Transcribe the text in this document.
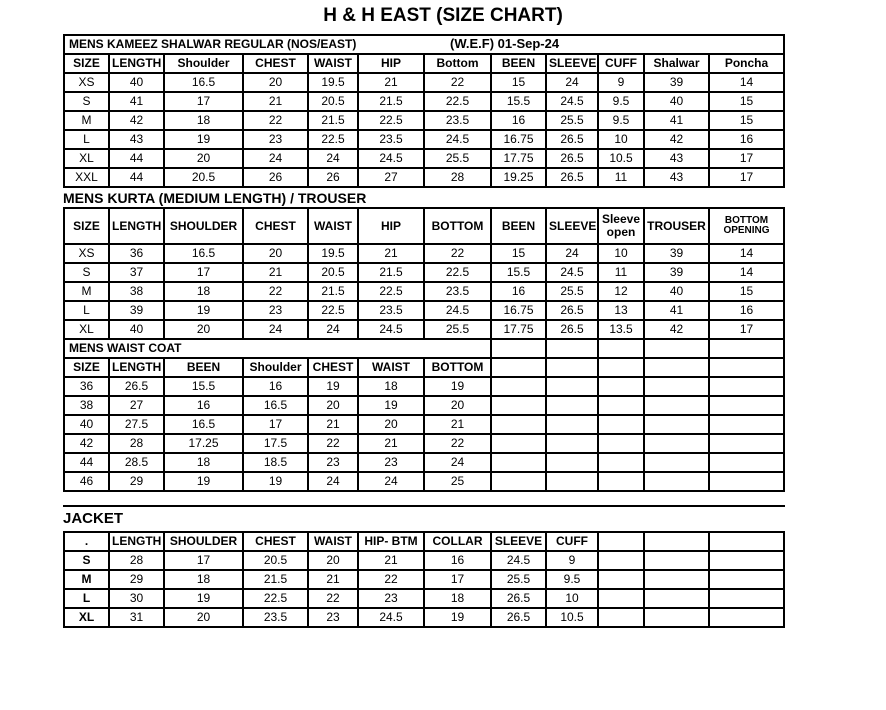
H & H EAST (SIZE CHART)
MENS KAMEEZ SHALWAR REGULAR (NOS/EAST) (W.E.F) 01-Sep-24											

SIZE	LENGTH	Shoulder	CHEST	WAIST	HIP	Bottom	BEEN	SLEEVE	CUFF	Shalwar	Poncha
XS	40	16.5	20	19.5	21	22	15	24	9	39	14
S	41	17	21	20.5	21.5	22.5	15.5	24.5	9.5	40	15
M	42	18	22	21.5	22.5	23.5	16	25.5	9.5	41	15
L	43	19	23	22.5	23.5	24.5	16.75	26.5	10	42	16
XL	44	20	24	24	24.5	25.5	17.75	26.5	10.5	43	17
XXL	44	20.5	26	26	27	28	19.25	26.5	11	43	17
MENS KURTA (MEDIUM LENGTH) / TROUSER
SIZE	LENGTH	SHOULDER	CHEST	WAIST	HIP	BOTTOM	BEEN	SLEEVE	Sleeve open	TROUSER	BOTTOM OPENING
XS	36	16.5	20	19.5	21	22	15	24	10	39	14
S	37	17	21	20.5	21.5	22.5	15.5	24.5	11	39	14
M	38	18	22	21.5	22.5	23.5	16	25.5	12	40	15
L	39	19	23	22.5	23.5	24.5	16.75	26.5	13	41	16
XL	40	20	24	24	24.5	25.5	17.75	26.5	13.5	42	17
MENS WAIST COAT											
SIZE	LENGTH	BEEN	Shoulder	CHEST	WAIST	BOTTOM					
36	26.5	15.5	16	19	18	19					
38	27	16	16.5	20	19	20					
40	27.5	16.5	17	21	20	21					
42	28	17.25	17.5	22	21	22					
44	28.5	18	18.5	23	23	24					
46	29	19	19	24	24	25					
JACKET
.	LENGTH	SHOULDER	CHEST	WAIST	HIP- BTM	COLLAR	SLEEVE	CUFF			
S	28	17	20.5	20	21	16	24.5	9			
M	29	18	21.5	21	22	17	25.5	9.5			
L	30	19	22.5	22	23	18	26.5	10			
XL	31	20	23.5	23	24.5	19	26.5	10.5			
